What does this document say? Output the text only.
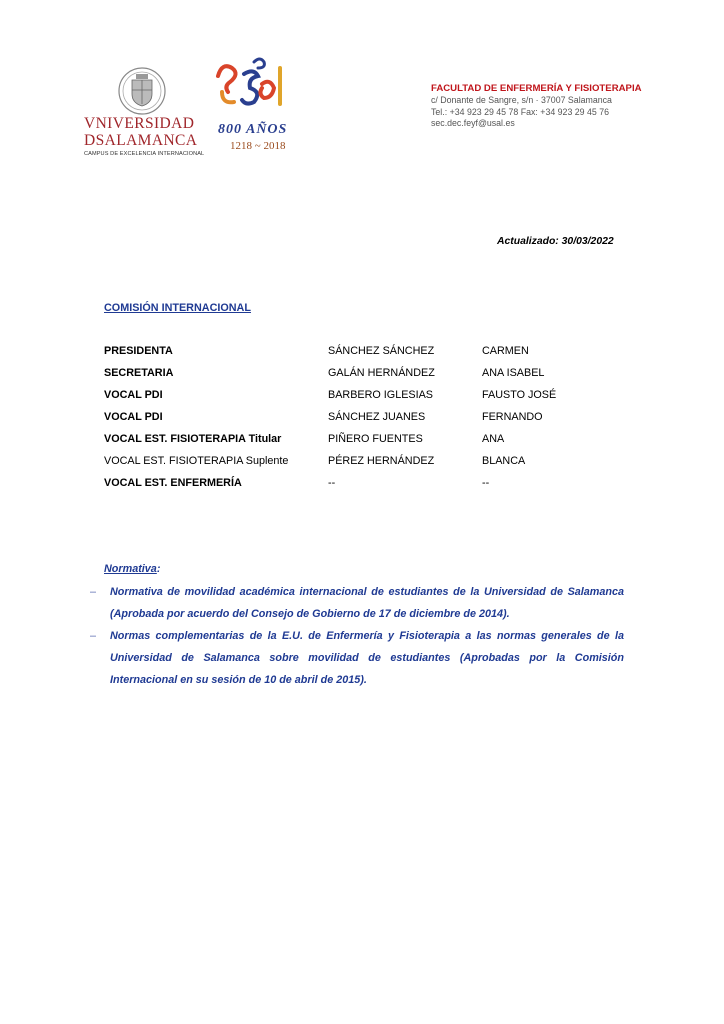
VNIVERSIDAD
DSALAMANCA
CAMPUS DE EXCELENCIA INTERNACIONAL
USal
800 AÑOS
1218 ~ 2018
FACULTAD DE ENFERMERÍA Y FISIOTERAPIA
c/ Donante de Sangre, s/n · 37007 Salamanca
Tel.: +34 923 29 45 78 Fax: +34 923 29 45 76
sec.dec.feyf@usal.es
Actualizado: 30/03/2022
COMISIÓN INTERNACIONAL
PRESIDENTA	SÁNCHEZ SÁNCHEZ	CARMEN
SECRETARIA	GALÁN HERNÁNDEZ	ANA ISABEL
VOCAL PDI	BARBERO IGLESIAS	FAUSTO JOSÉ
VOCAL PDI	SÁNCHEZ JUANES	FERNANDO
VOCAL EST. FISIOTERAPIA Titular	PIÑERO FUENTES	ANA
VOCAL EST. FISIOTERAPIA Suplente	PÉREZ HERNÁNDEZ	BLANCA
VOCAL EST. ENFERMERÍA	--	--
Normativa:
– Normativa de movilidad académica internacional de estudiantes de la Universidad de Salamanca (Aprobada por acuerdo del Consejo de Gobierno de 17 de diciembre de 2014).
– Normas complementarias de la E.U. de Enfermería y Fisioterapia a las normas generales de la Universidad de Salamanca sobre movilidad de estudiantes (Aprobadas por la Comisión Internacional en su sesión de 10 de abril de 2015).
